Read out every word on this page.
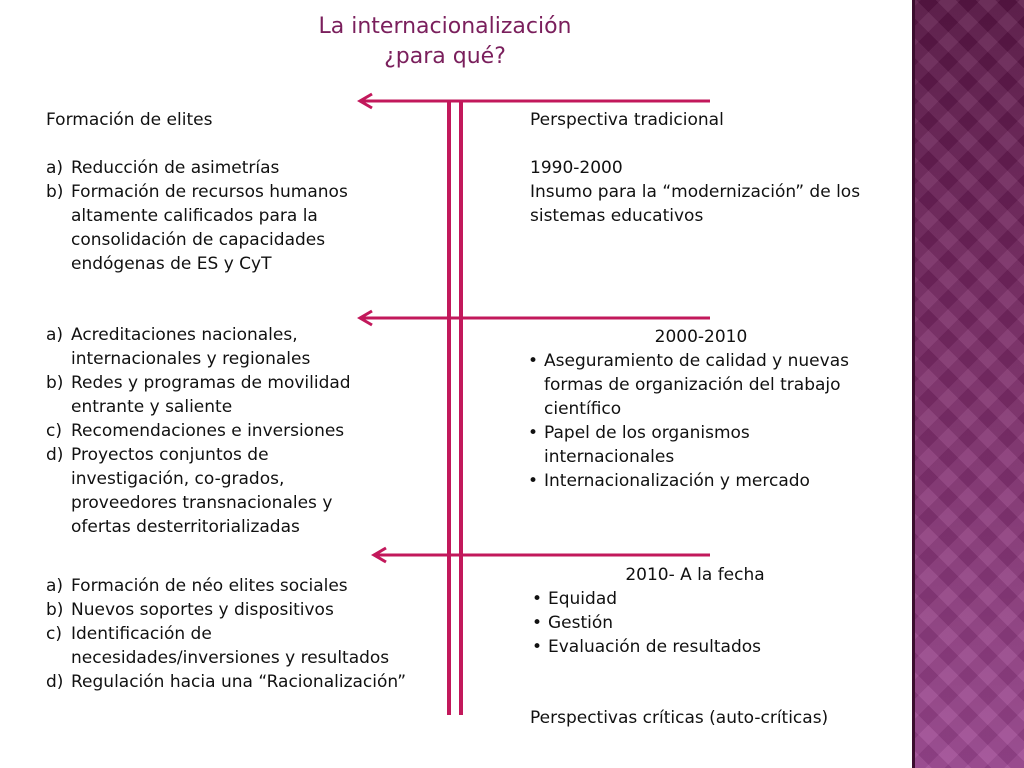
La internacionalización
¿para qué?

Formación de elites

a) Reducción de asimetrías
b) Formación de recursos humanos altamente calificados para la consolidación de capacidades endógenas de ES y CyT
a) Acreditaciones nacionales, internacionales y regionales
b) Redes y programas de movilidad entrante y saliente
c) Recomendaciones e inversiones
d) Proyectos conjuntos de investigación, co-grados, proveedores transnacionales y ofertas desterritorializadas
a) Formación de néo elites sociales
b) Nuevos soportes y dispositivos
c) Identificación de necesidades/inversiones y resultados
d) Regulación hacia una “Racionalización”

Perspectiva tradicional

1990-2000

Insumo para la “modernización” de los sistemas educativos

2000-2010

• Aseguramiento de calidad y nuevas formas de organización del trabajo científico
• Papel de los organismos internacionales
• Internacionalización y mercado

2010- A la fecha

• Equidad
• Gestión
• Evaluación de resultados

Perspectivas críticas (auto-críticas)
